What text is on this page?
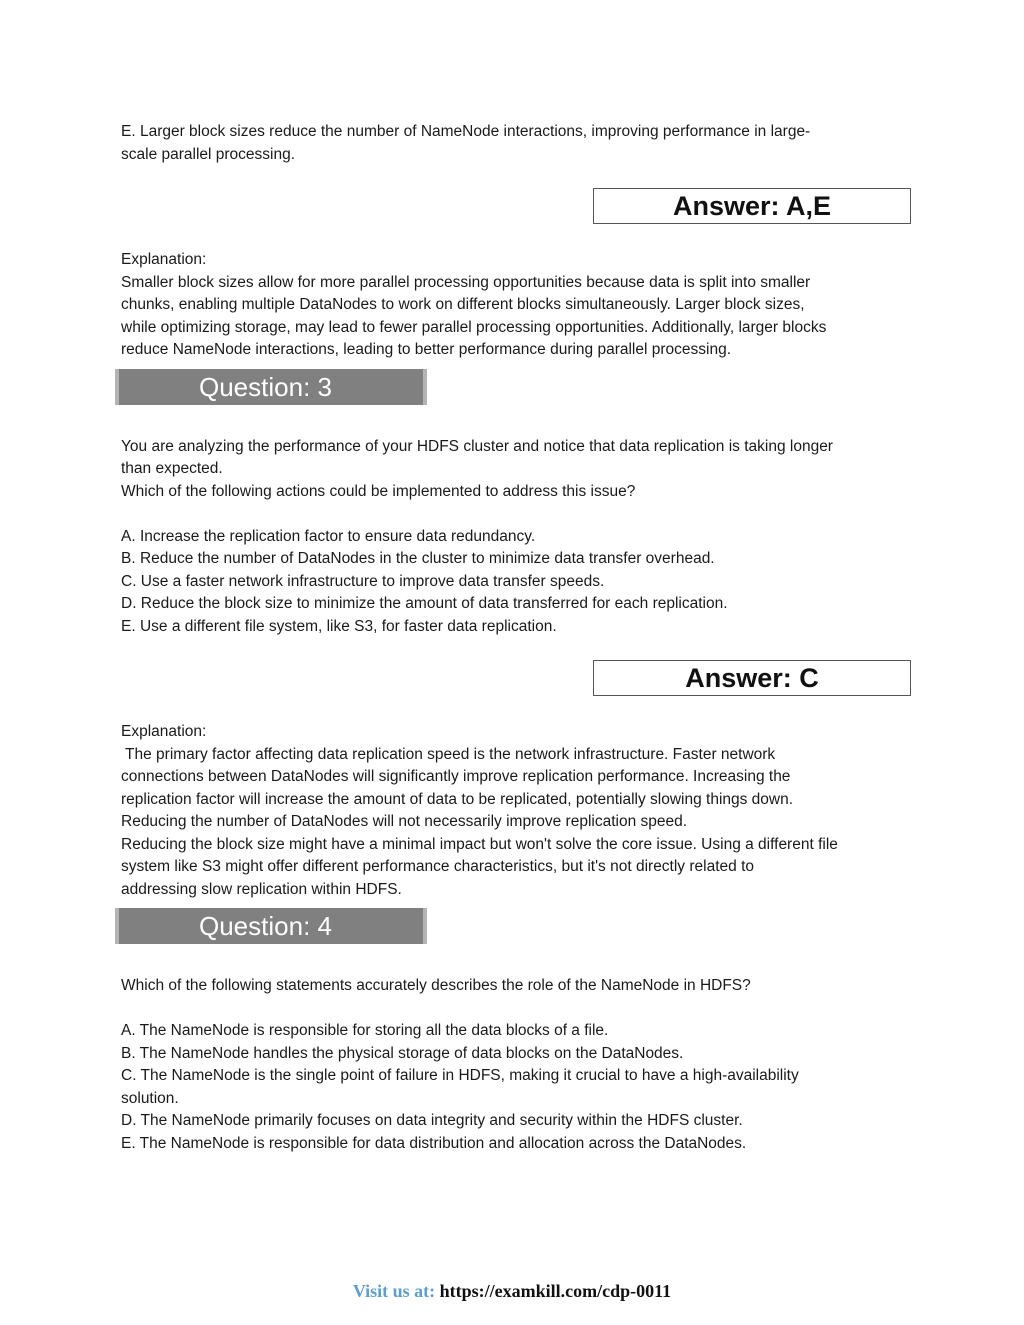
E. Larger block sizes reduce the number of NameNode interactions, improving performance in large-

scale parallel processing.

Answer: A,E

Explanation:

Smaller block sizes allow for more parallel processing opportunities because data is split into smaller

chunks, enabling multiple DataNodes to work on different blocks simultaneously. Larger block sizes,

while optimizing storage, may lead to fewer parallel processing opportunities. Additionally, larger blocks

reduce NameNode interactions, leading to better performance during parallel processing.

Question: 3

You are analyzing the performance of your HDFS cluster and notice that data replication is taking longer

than expected.

Which of the following actions could be implemented to address this issue?

A. Increase the replication factor to ensure data redundancy.

B. Reduce the number of DataNodes in the cluster to minimize data transfer overhead.

C. Use a faster network infrastructure to improve data transfer speeds.

D. Reduce the block size to minimize the amount of data transferred for each replication.

E. Use a different file system, like S3, for faster data replication.

Answer: C

Explanation:

The primary factor affecting data replication speed is the network infrastructure. Faster network

connections between DataNodes will significantly improve replication performance. Increasing the

replication factor will increase the amount of data to be replicated, potentially slowing things down.

Reducing the number of DataNodes will not necessarily improve replication speed.

Reducing the block size might have a minimal impact but won't solve the core issue. Using a different file

system like S3 might offer different performance characteristics, but it's not directly related to

addressing slow replication within HDFS.

Question: 4

Which of the following statements accurately describes the role of the NameNode in HDFS?

A. The NameNode is responsible for storing all the data blocks of a file.

B. The NameNode handles the physical storage of data blocks on the DataNodes.

C. The NameNode is the single point of failure in HDFS, making it crucial to have a high-availability

solution.

D. The NameNode primarily focuses on data integrity and security within the HDFS cluster.

E. The NameNode is responsible for data distribution and allocation across the DataNodes.

Visit us at: https://examkill.com/cdp-0011
